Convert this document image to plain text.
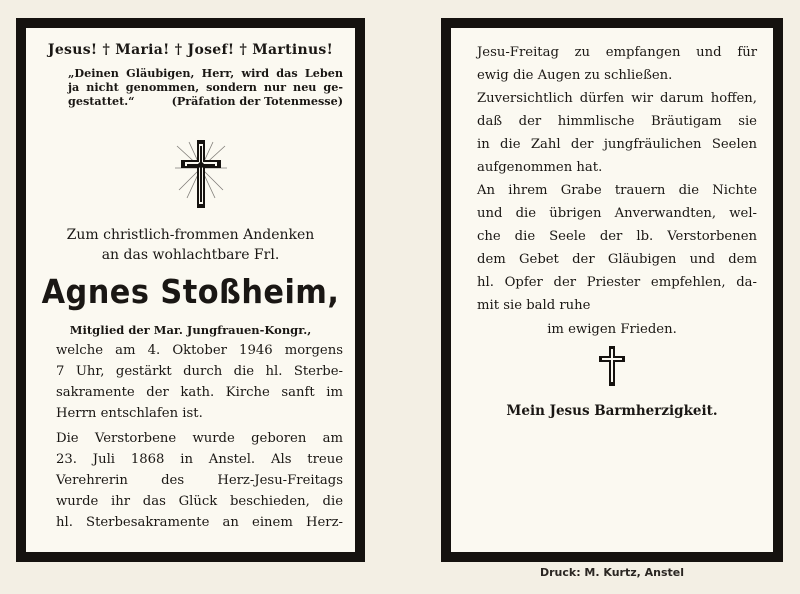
Jesus! † Maria! † Josef! † Martinus!
„Deinen Gläubigen, Herr, wird das Leben
ja nicht genommen, sondern nur neu ge-
gestattet.“	(Präfation der Totenmesse)
Zum christlich-frommen Andenken
an das wohlachtbare Frl.
Agnes Stoßheim,
Mitglied der Mar. Jungfrauen-Kongr.,
welche am 4. Oktober 1946 morgens
7 Uhr, gestärkt durch die hl. Sterbe-
sakramente der kath. Kirche sanft im
Herrn entschlafen ist.
Die Verstorbene wurde geboren am
23. Juli 1868 in Anstel. Als treue
Verehrerin des Herz-Jesu-Freitags
wurde ihr das Glück beschieden, die
hl. Sterbesakramente an einem Herz-
Jesu-Freitag zu empfangen und für
ewig die Augen zu schließen.
Zuversichtlich dürfen wir darum hoffen,
daß der himmlische Bräutigam sie
in die Zahl der jungfräulichen Seelen
aufgenommen hat.
An ihrem Grabe trauern die Nichte
und die übrigen Anverwandten, wel-
che die Seele der lb. Verstorbenen
dem Gebet der Gläubigen und dem
hl. Opfer der Priester empfehlen, da-
mit sie bald ruhe
im ewigen Frieden.
Mein Jesus Barmherzigkeit.
Druck: M. Kurtz, Anstel
